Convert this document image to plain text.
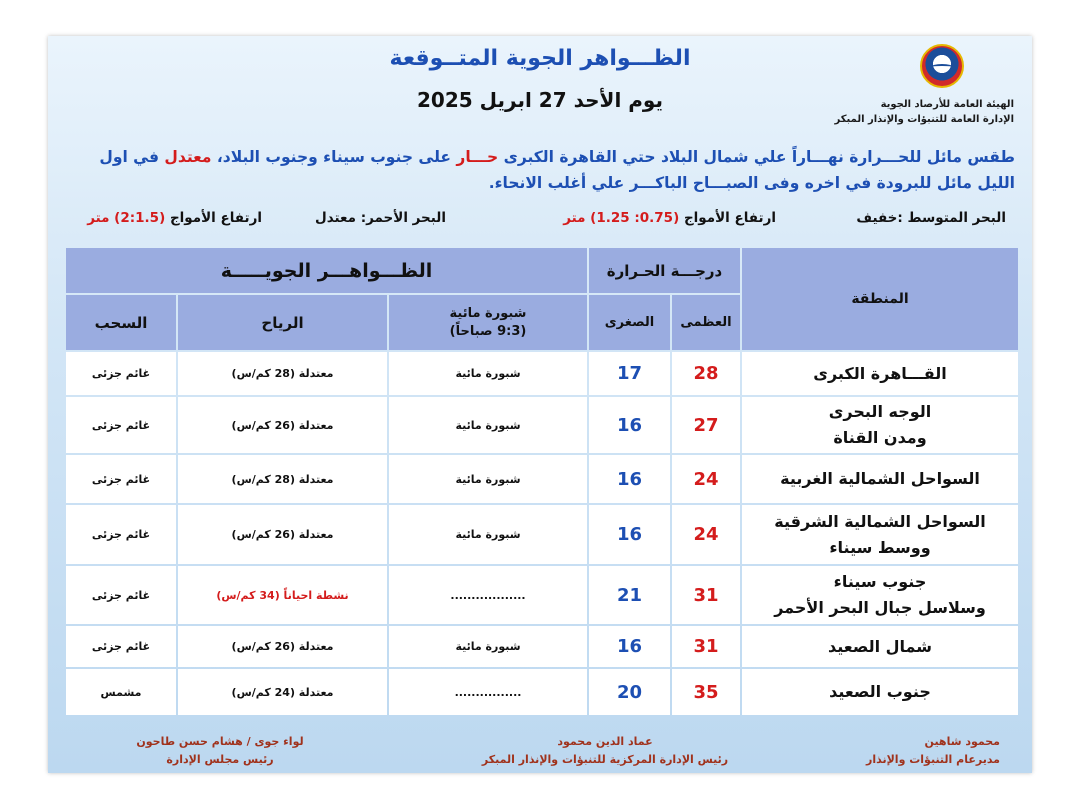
الهيئة العامة للأرصاد الجوية
الإدارة العامة للتنبؤات والإنذار المبكر
الظـــواهر الجوية المتــوقعة
يوم الأحد 27 ابريل 2025
طقس مائل للحـــرارة نهـــاراً علي شمال البلاد حتي القاهرة الكبرى حـــار على جنوب سيناء وجنوب البلاد، معتدل في اول الليل مائل للبرودة في اخره وفى الصبـــاح الباكـــر علي أغلب الانحاء.
البحر المتوسط :خفيف
ارتفاع الأمواج (0.75: 1.25) متر
البحر الأحمر: معتدل
ارتفاع الأمواج (2:1.5) متر
المنطقة
درجـــة الحـرارة
الظـــواهـــر الجويـــــة
العظمى
الصغرى
شبورة مائية
(9:3 صباحاً)
الرياح
السحب
القـــاهرة الكبرى
28
17
شبورة مائية
معتدلة (28 كم/س)
غائم جزئى
الوجه البحرى
ومدن القناة
27
16
شبورة مائية
معتدلة (26 كم/س)
غائم جزئى
السواحل الشمالية الغربية
24
16
شبورة مائية
معتدلة (28 كم/س)
غائم جزئى
السواحل الشمالية الشرقية
ووسط سيناء
24
16
شبورة مائية
معتدلة (26 كم/س)
غائم جزئى
جنوب سيناء
وسلاسل جبال البحر الأحمر
31
21
..................
نشطة احياناً (34 كم/س)
غائم جزئى
شمال الصعيد
31
16
شبورة مائية
معتدلة (26 كم/س)
غائم جزئى
جنوب الصعيد
35
20
................
معتدلة (24 كم/س)
مشمس
محمود شاهين
مديرعام التنبؤات والإنذار
عماد الدين محمود
رئيس الإدارة المركزية للتنبؤات والإنذار المبكر
لواء جوى / هشام حسن طاحون
رئيس مجلس الإدارة
